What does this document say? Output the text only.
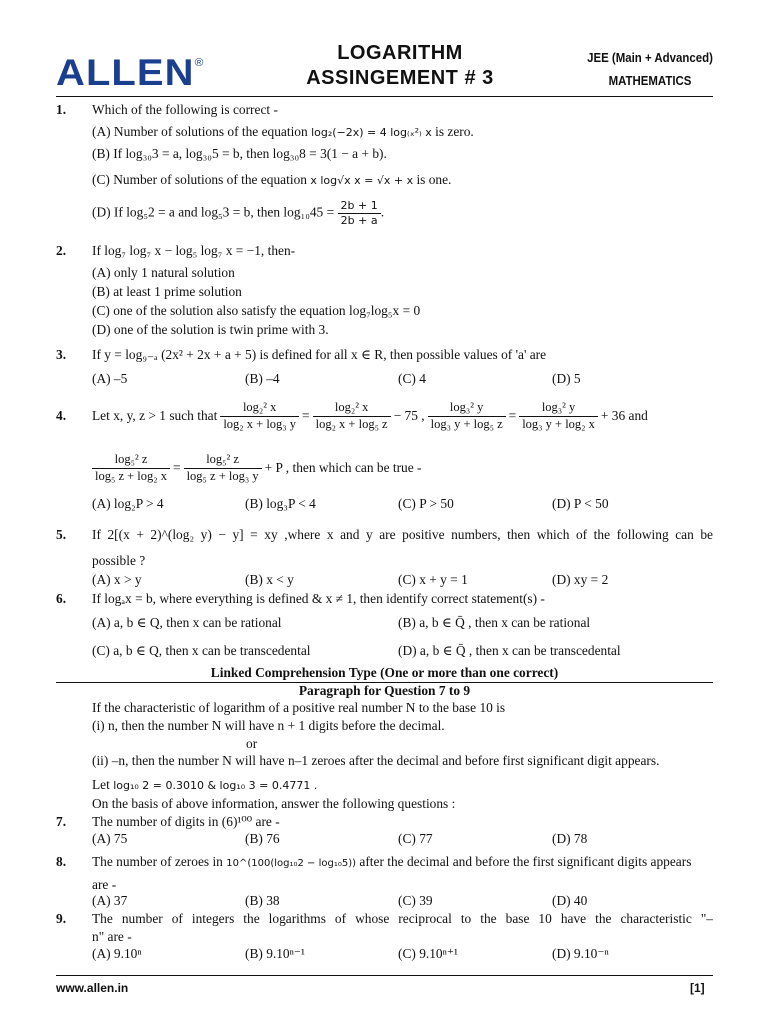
ALLEN®	LOGARITHM
ASSINGEMENT # 3
JEE (Main + Advanced)
MATHEMATICS
1. Which of the following is correct -
(A) Number of solutions of the equation log₂(−2x) = 4 log₍ₓ²₎ x is zero.
(B) If log₃₀3 = a, log₃₀5 = b, then log₃₀8 = 3(1 − a + b).
(C) Number of solutions of the equation x log√x x = √x + x is one.
(D) If log₅2 = a and log₅3 = b, then $\log_{10}45 = \frac{2b + 1}{2b + a}$ .
2. If log₇ log₇ x − log₅ log₇ x = −1, then-
(A) only 1 natural solution
(B) at least 1 prime solution
(C) one of the solution also satisfy the equation log₇log₅x = 0
(D) one of the solution is twin prime with 3.
3. If y = log₉₋ₐ (2x² + 2x + a + 5) is defined for all x ∈ R, then possible values of 'a' are
(A) –5	(B) –4	(C) 4	(D) 5
4. Let x, y, z > 1 such that $\frac{\text{log₂² x}}{\text{log₂ x + log₃ y}} = \frac{\text{log₂² x}}{\text{log₂ x + log₅ z}} - 75$ , $\frac{\text{log₃² y}}{\text{log₃ y + log₅ z}} = \frac{\text{log₃² y}}{\text{log₃ y + log₂ x}} + 36$ and
$\frac{\text{log₅² z}}{\text{log₅ z + log₂ x}} = \frac{\text{log₅² z}}{\text{log₅ z + log₃ y}} + P$ , then which can be true -
(A) log₂P > 4	(B) log₃P < 4	(C) P > 50	(D) P < 50
5. If 2[(x + 2)^(log₂ y) − y] = xy ,where x and y are positive numbers, then which of the following can be
possible ?
(A) x > y	(B) x < y	(C) x + y = 1	(D) xy = 2
6. If logₐx = b, where everything is defined & x ≠ 1, then identify correct statement(s) -
(A) a, b ∈ Q, then x can be rational	(B) a, b ∈ Q̄ , then x can be rational
(C) a, b ∈ Q, then x can be transcedental	(D) a, b ∈ Q̄ , then x can be transcedental
Linked Comprehension Type (One or more than one correct)
Paragraph for Question 7 to 9
If the characteristic of logarithm of a positive real number N to the base 10 is
(i) n, then the number N will have n + 1 digits before the decimal.
or
(ii) –n, then the number N will have n–1 zeroes after the decimal and before first significant digit appears.
Let log₁₀ 2 = 0.3010 & log₁₀ 3 = 0.4771 .
On the basis of above information, answer the following questions :
7. The number of digits in (6)¹⁰⁰ are -
(A) 75	(B) 76	(C) 77	(D) 78
8. The number of zeroes in 10^(100(log₁₀2 − log₁₀5)) after the decimal and before the first significant digits appears
are -
(A) 37	(B) 38	(C) 39	(D) 40
9. The number of integers the logarithms of whose reciprocal to the base 10 have the characteristic "–
n" are -
(A) 9.10ⁿ	(B) 9.10ⁿ⁻¹	(C) 9.10ⁿ⁺¹	(D) 9.10⁻ⁿ
www.allen.in	[1]
